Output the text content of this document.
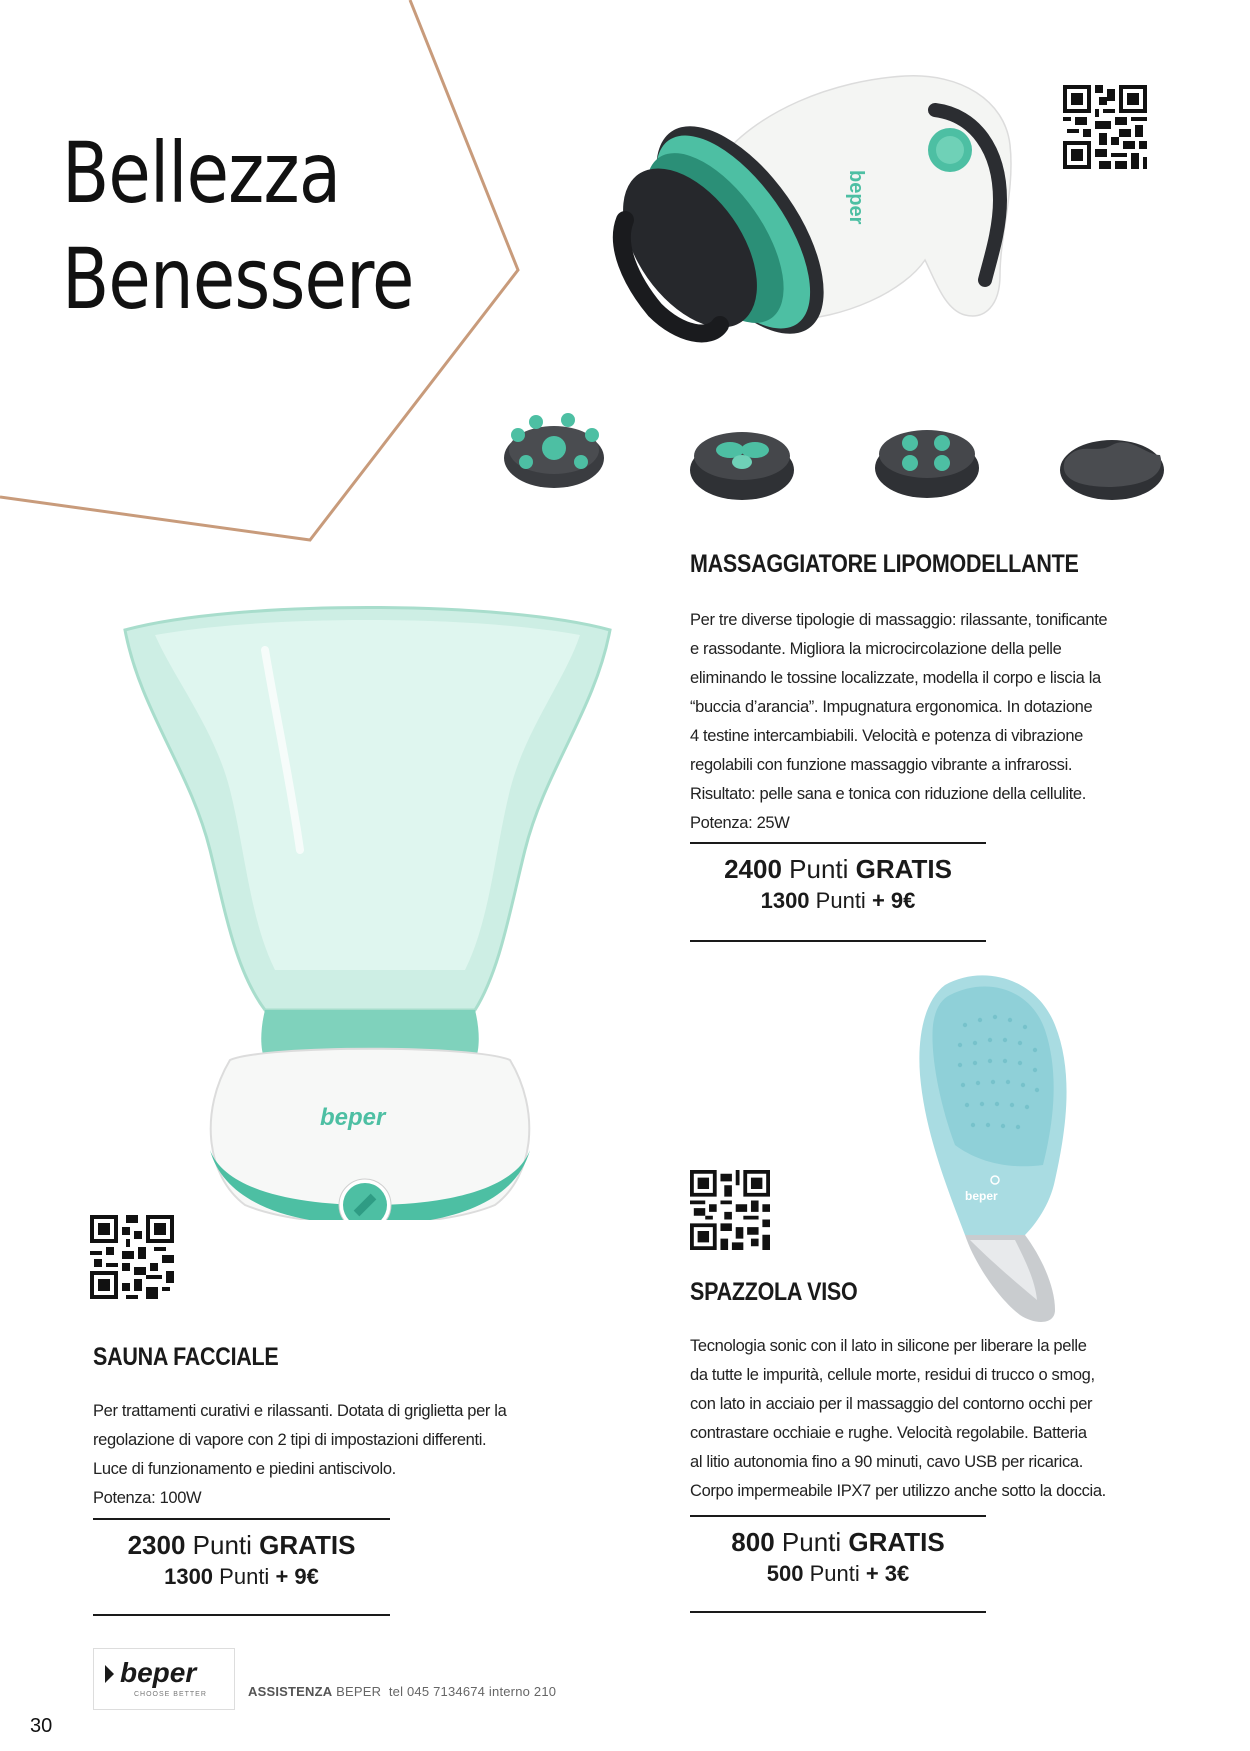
Bellezza
Benessere
beper
MASSAGGIATORE LIPOMODELLANTE
Per tre diverse tipologie di massaggio: rilassante, tonificante
e rassodante. Migliora la microcircolazione della pelle
eliminando le tossine localizzate, modella il corpo e liscia la
“buccia d’arancia”. Impugnatura ergonomica. In dotazione
4 testine intercambiabili. Velocità e potenza di vibrazione
regolabili con funzione massaggio vibrante a infrarossi.
Risultato: pelle sana e tonica con riduzione della cellulite.
Potenza: 25W
2400 Punti GRATIS
1300 Punti + 9€
beper
SAUNA FACCIALE
Per trattamenti curativi e rilassanti. Dotata di griglietta per la
regolazione di vapore con 2 tipi di impostazioni differenti.
Luce di funzionamento e piedini antiscivolo.
Potenza: 100W
2300 Punti GRATIS
1300 Punti + 9€
beper
SPAZZOLA VISO
Tecnologia sonic con il lato in silicone per liberare la pelle
da tutte le impurità, cellule morte, residui di trucco o smog,
con lato in acciaio per il massaggio del contorno occhi per
contrastare occhiaie e rughe. Velocità regolabile. Batteria
al litio autonomia fino a 90 minuti, cavo USB per ricarica.
Corpo impermeabile IPX7 per utilizzo anche sotto la doccia.
800 Punti GRATIS
500 Punti + 3€
beper
CHOOSE BETTER	ASSISTENZA BEPER tel 045 7134674 interno 210
30
